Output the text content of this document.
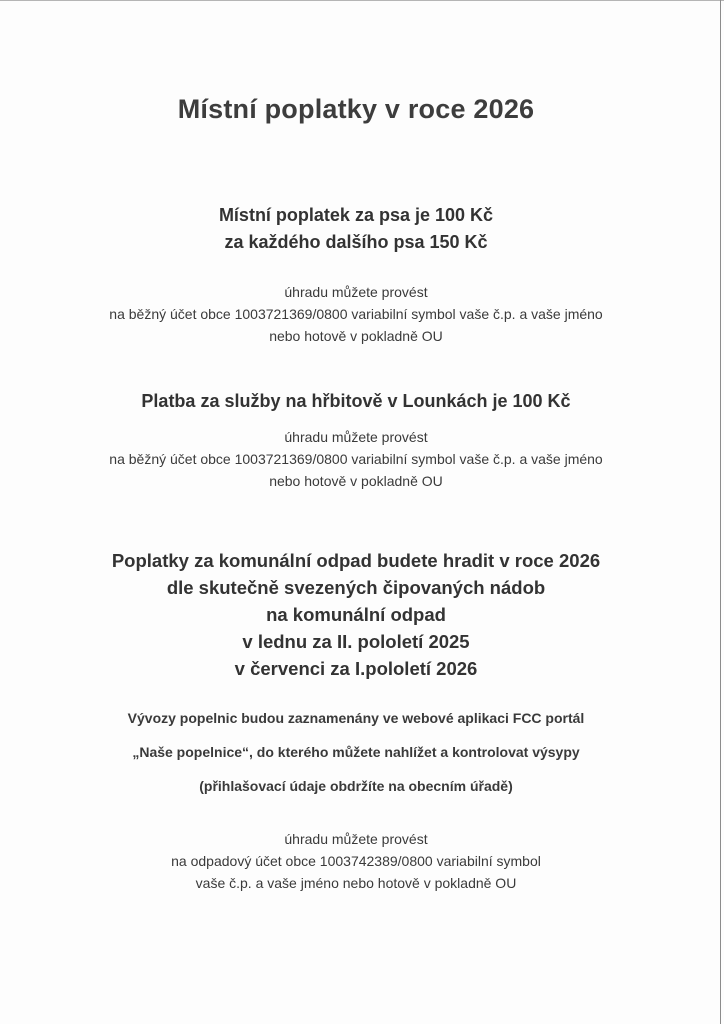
Místní poplatky v roce 2026
Místní poplatek za psa je 100 Kč
za každého dalšího psa 150 Kč
úhradu můžete provést
na běžný účet obce 1003721369/0800 variabilní symbol vaše č.p. a vaše jméno
nebo hotově v pokladně OU
Platba za služby na hřbitově v Lounkách je 100 Kč
úhradu můžete provést
na běžný účet obce 1003721369/0800 variabilní symbol vaše č.p. a vaše jméno
nebo hotově v pokladně OU
Poplatky za komunální odpad budete hradit v roce 2026
dle skutečně svezených čipovaných nádob
na komunální odpad
v lednu za II. pololetí 2025
v červenci za I.pololetí 2026
Vývozy popelnic budou zaznamenány ve webové aplikaci FCC portál
„Naše popelnice“, do kterého můžete nahlížet a kontrolovat výsypy
(přihlašovací údaje obdržíte na obecním úřadě)
úhradu můžete provést
na odpadový účet obce 1003742389/0800 variabilní symbol
vaše č.p. a vaše jméno nebo hotově v pokladně OU
